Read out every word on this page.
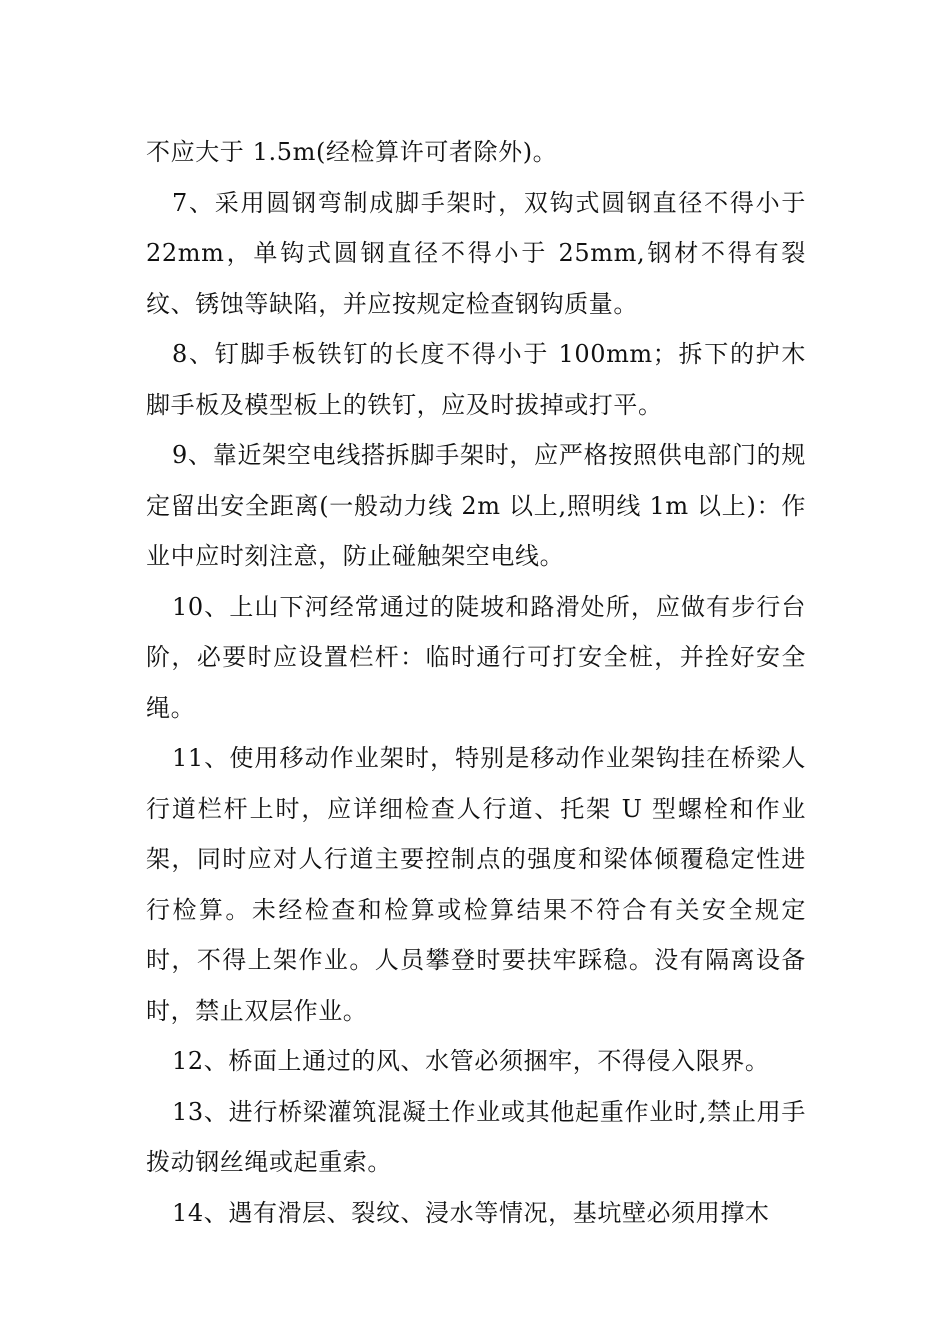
不应大于 1.5m(经检算许可者除外)。

7、采用圆钢弯制成脚手架时，双钩式圆钢直径不得小于 22mm，单钩式圆钢直径不得小于 25mm,钢材不得有裂纹、锈蚀等缺陷，并应按规定检查钢钩质量。

8、钉脚手板铁钉的长度不得小于 100mm；拆下的护木脚手板及模型板上的铁钉，应及时拔掉或打平。

9、靠近架空电线搭拆脚手架时，应严格按照供电部门的规定留出安全距离(一般动力线 2m 以上,照明线 1m 以上)：作业中应时刻注意，防止碰触架空电线。

10、上山下河经常通过的陡坡和路滑处所，应做有步行台阶，必要时应设置栏杆：临时通行可打安全桩，并拴好安全绳。

11、使用移动作业架时，特别是移动作业架钩挂在桥梁人行道栏杆上时，应详细检查人行道、托架 U 型螺栓和作业架，同时应对人行道主要控制点的强度和梁体倾覆稳定性进行检算。未经检查和检算或检算结果不符合有关安全规定时，不得上架作业。人员攀登时要扶牢踩稳。没有隔离设备时，禁止双层作业。

12、桥面上通过的风、水管必须捆牢，不得侵入限界。

13、进行桥梁灌筑混凝土作业或其他起重作业时,禁止用手拨动钢丝绳或起重索。

14、遇有滑层、裂纹、浸水等情况，基坑壁必须用撑木
